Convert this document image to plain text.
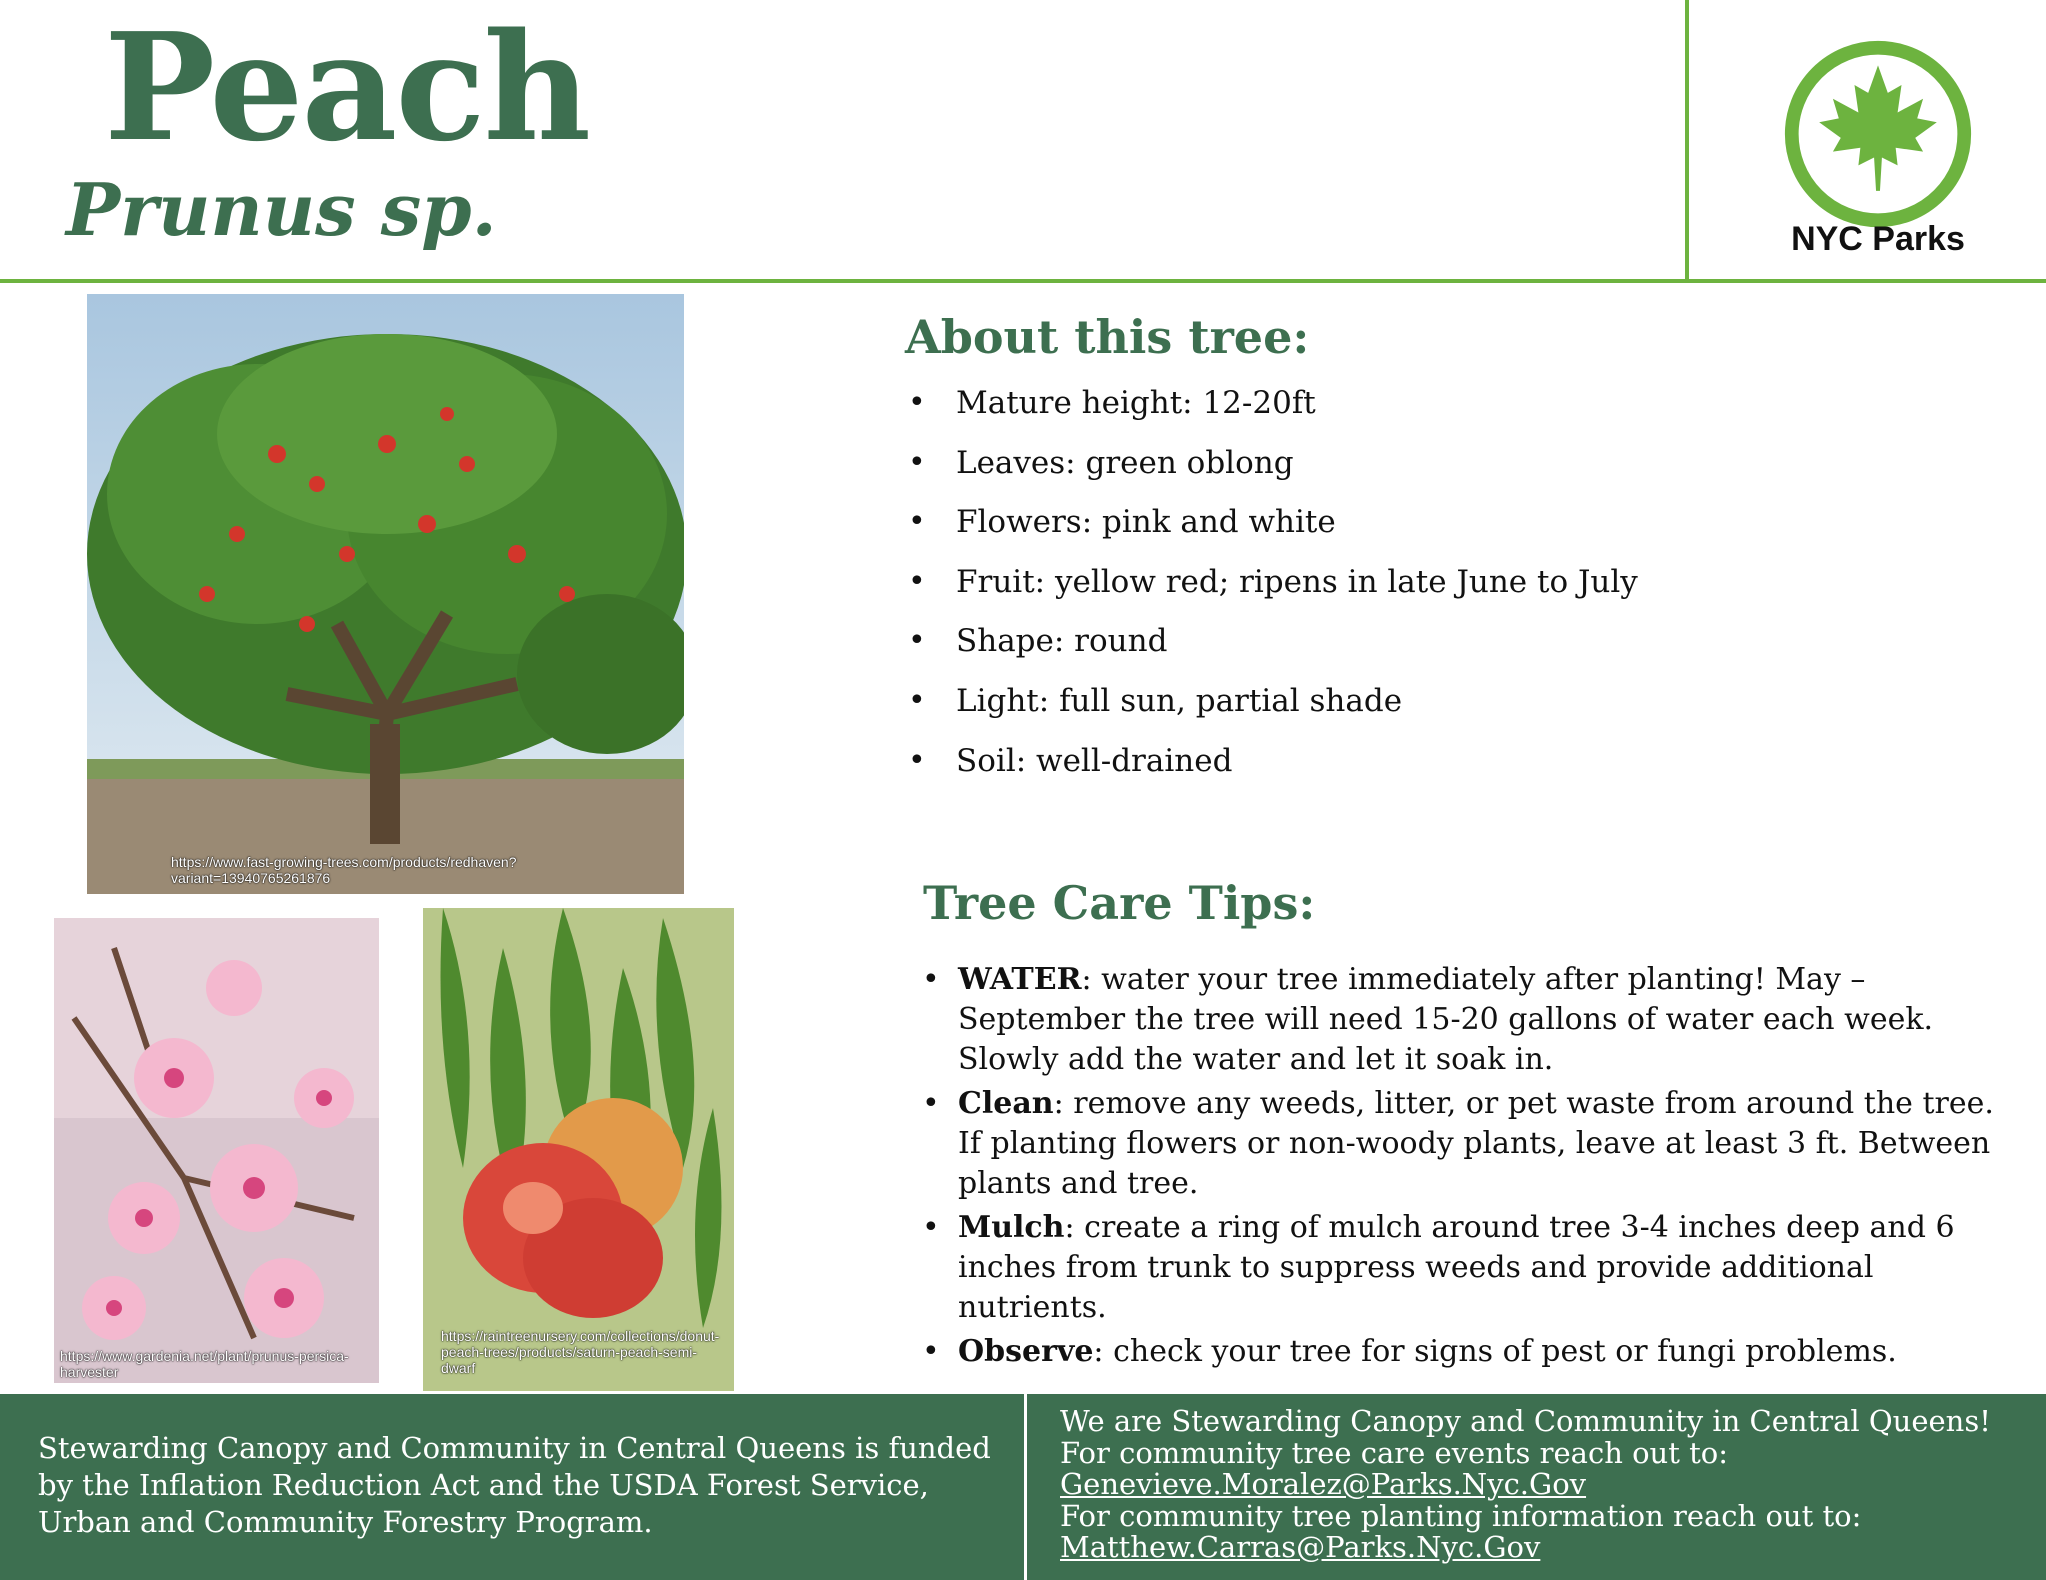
Peach
Prunus sp.	NYC Parks
https://www.fast-growing-trees.com/products/redhaven?variant=13940765261876
https://www.gardenia.net/plant/prunus-persica-harvester
https://raintreenursery.com/collections/donut-peach-trees/products/saturn-peach-semi-dwarf
About this tree:
• Mature height: 12-20ft
• Leaves: green oblong
• Flowers: pink and white
• Fruit: yellow red; ripens in late June to July
• Shape: round
• Light: full sun, partial shade
• Soil: well-drained
Tree Care Tips:
• WATER: water your tree immediately after planting! May – September the tree will need 15-20 gallons of water each week. Slowly add the water and let it soak in.
• Clean: remove any weeds, litter, or pet waste from around the tree. If planting flowers or non-woody plants, leave at least 3 ft. Between plants and tree.
• Mulch: create a ring of mulch around tree 3-4 inches deep and 6 inches from trunk to suppress weeds and provide additional nutrients.
• Observe: check your tree for signs of pest or fungi problems.
Stewarding Canopy and Community in Central Queens is funded by the Inflation Reduction Act and the USDA Forest Service, Urban and Community Forestry Program.
We are Stewarding Canopy and Community in Central Queens!
For community tree care events reach out to:
Genevieve.Moralez@Parks.Nyc.Gov
For community tree planting information reach out to:
Matthew.Carras@Parks.Nyc.Gov
